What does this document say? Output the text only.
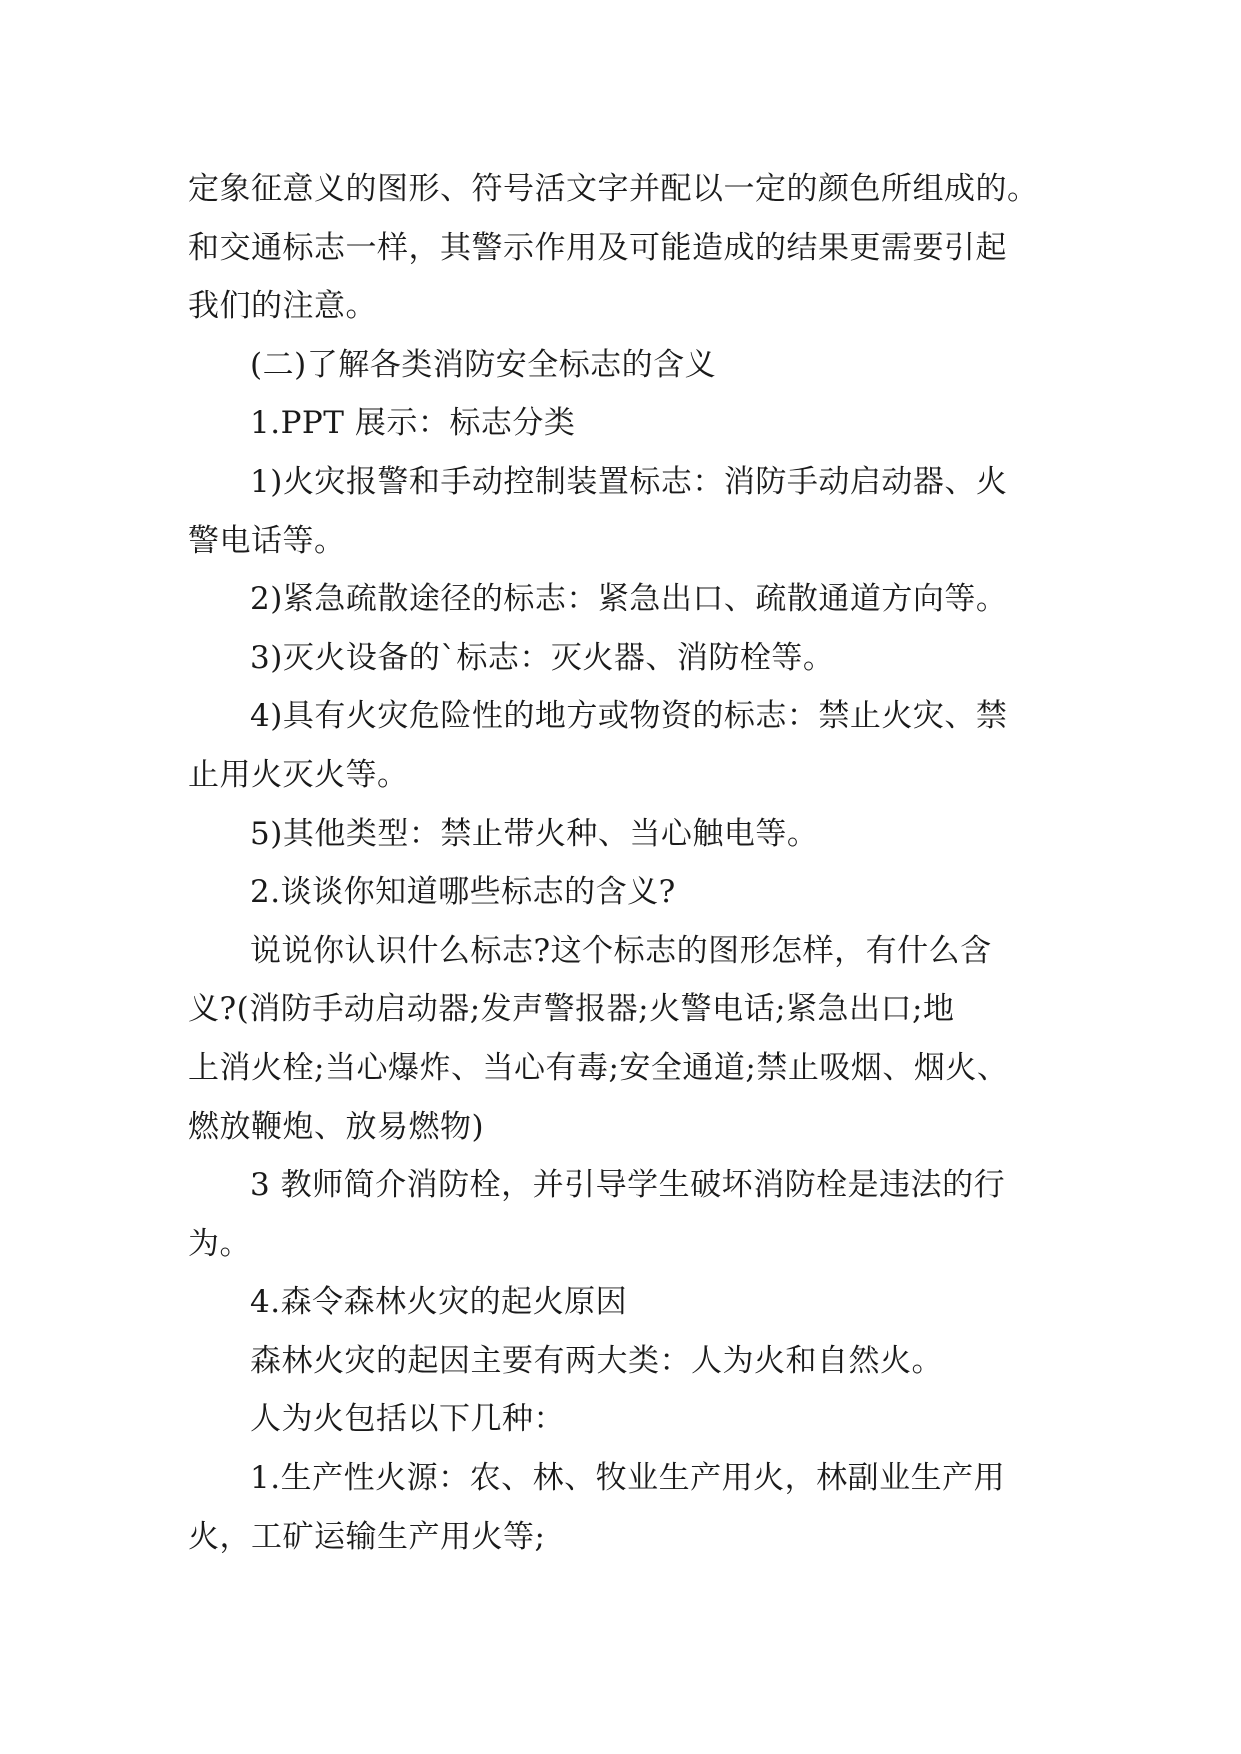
定象征意义的图形、符号活文字并配以一定的颜色所组成的。
和交通标志一样，其警示作用及可能造成的结果更需要引起
我们的注意。
(二)了解各类消防安全标志的含义
1.PPT 展示：标志分类
1)火灾报警和手动控制装置标志：消防手动启动器、火
警电话等。
2)紧急疏散途径的标志：紧急出口、疏散通道方向等。
3)灭火设备的`标志：灭火器、消防栓等。
4)具有火灾危险性的地方或物资的标志：禁止火灾、禁
止用火灭火等。
5)其他类型：禁止带火种、当心触电等。
2.谈谈你知道哪些标志的含义?
说说你认识什么标志?这个标志的图形怎样，有什么含
义?(消防手动启动器;发声警报器;火警电话;紧急出口;地
上消火栓;当心爆炸、当心有毒;安全通道;禁止吸烟、烟火、
燃放鞭炮、放易燃物)
3 教师简介消防栓，并引导学生破坏消防栓是违法的行
为。
4.森令森林火灾的起火原因
森林火灾的起因主要有两大类：人为火和自然火。
人为火包括以下几种：
1.生产性火源：农、林、牧业生产用火，林副业生产用
火，工矿运输生产用火等;
